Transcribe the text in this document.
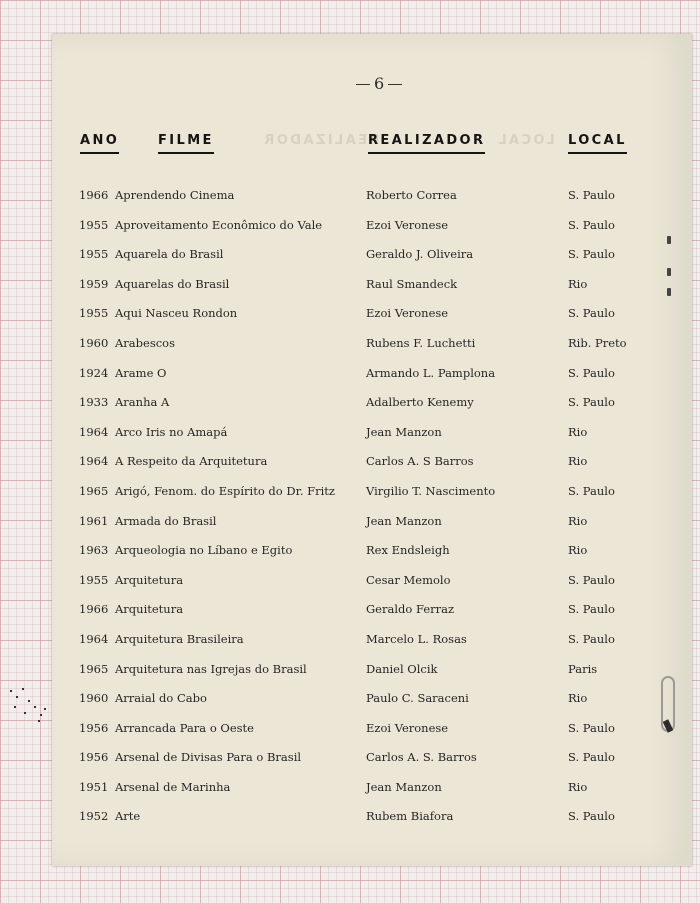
6
REALIZADOR	LOCAL
ANO	FILME	REALIZADOR	LOCAL
1966 Aprendendo Cinema	Roberto Correa	S. Paulo
1955 Aproveitamento Econômico do Vale	Ezoi Veronese	S. Paulo
1955 Aquarela do Brasil	Geraldo J. Oliveira	S. Paulo
1959 Aquarelas do Brasil	Raul Smandeck	Rio
1955 Aqui Nasceu Rondon	Ezoi Veronese	S. Paulo
1960 Arabescos	Rubens F. Luchetti	Rib. Preto
1924 Arame O	Armando L. Pamplona	S. Paulo
1933 Aranha A	Adalberto Kenemy	S. Paulo
1964 Arco Iris no Amapá	Jean Manzon	Rio
1964 A Respeito da Arquitetura	Carlos A. S Barros	Rio
1965 Arigó, Fenom. do Espírito do Dr. Fritz	Virgilio T. Nascimento	S. Paulo
1961 Armada do Brasil	Jean Manzon	Rio
1963 Arqueologia no Líbano e Egito	Rex Endsleigh	Rio
1955 Arquitetura	Cesar Memolo	S. Paulo
1966 Arquitetura	Geraldo Ferraz	S. Paulo
1964 Arquitetura Brasileira	Marcelo L. Rosas	S. Paulo
1965 Arquitetura nas Igrejas do Brasil	Daniel Olcik	Paris
1960 Arraial do Cabo	Paulo C. Saraceni	Rio
1956 Arrancada Para o Oeste	Ezoi Veronese	S. Paulo
1956 Arsenal de Divisas Para o Brasil	Carlos A. S. Barros	S. Paulo
1951 Arsenal de Marinha	Jean Manzon	Rio
1952 Arte	Rubem Biafora	S. Paulo
